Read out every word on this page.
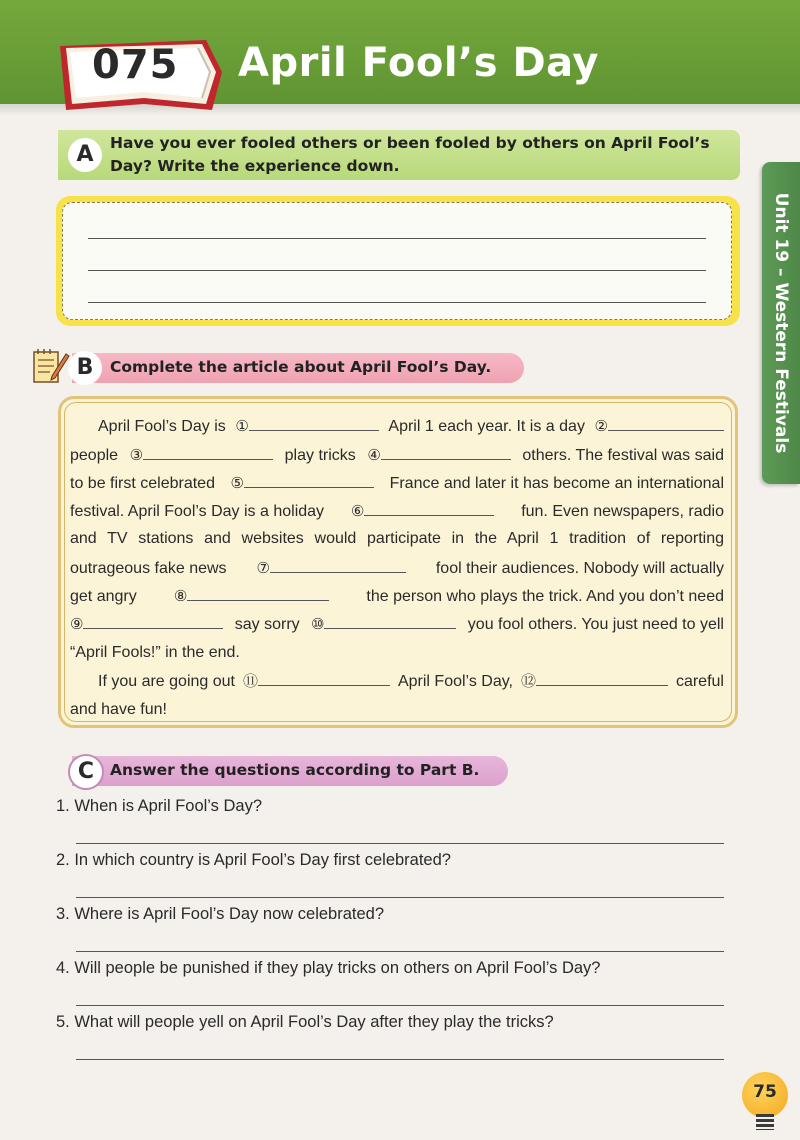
075 April Fool’s Day
Unit 19 – Western Festivals
A	Have you ever fooled others or been fooled by others on April Fool’s
Day? Write the experience down.
B	Complete the article about April Fool’s Day.
April Fool’s Day is ①	April 1 each year. It is a day ②
people ③	play tricks ④	others. The festival was said
to be first celebrated ⑤	France and later it has become an international
festival. April Fool’s Day is a holiday ⑥	fun. Even newspapers, radio
and TV stations and websites would participate in the April 1 tradition of reporting
outrageous fake news ⑦	fool their audiences. Nobody will actually
get angry ⑧	the person who plays the trick. And you don’t need
⑨	say sorry ⑩	you fool others. You just need to yell
“April Fools!” in the end.
If you are going out ⑪	April Fool’s Day, ⑫	careful
and have fun!
C	Answer the questions according to Part B.
1. When is April Fool’s Day?
2. In which country is April Fool’s Day first celebrated?
3. Where is April Fool’s Day now celebrated?
4. Will people be punished if they play tricks on others on April Fool’s Day?
5. What will people yell on April Fool’s Day after they play the tricks?
75
